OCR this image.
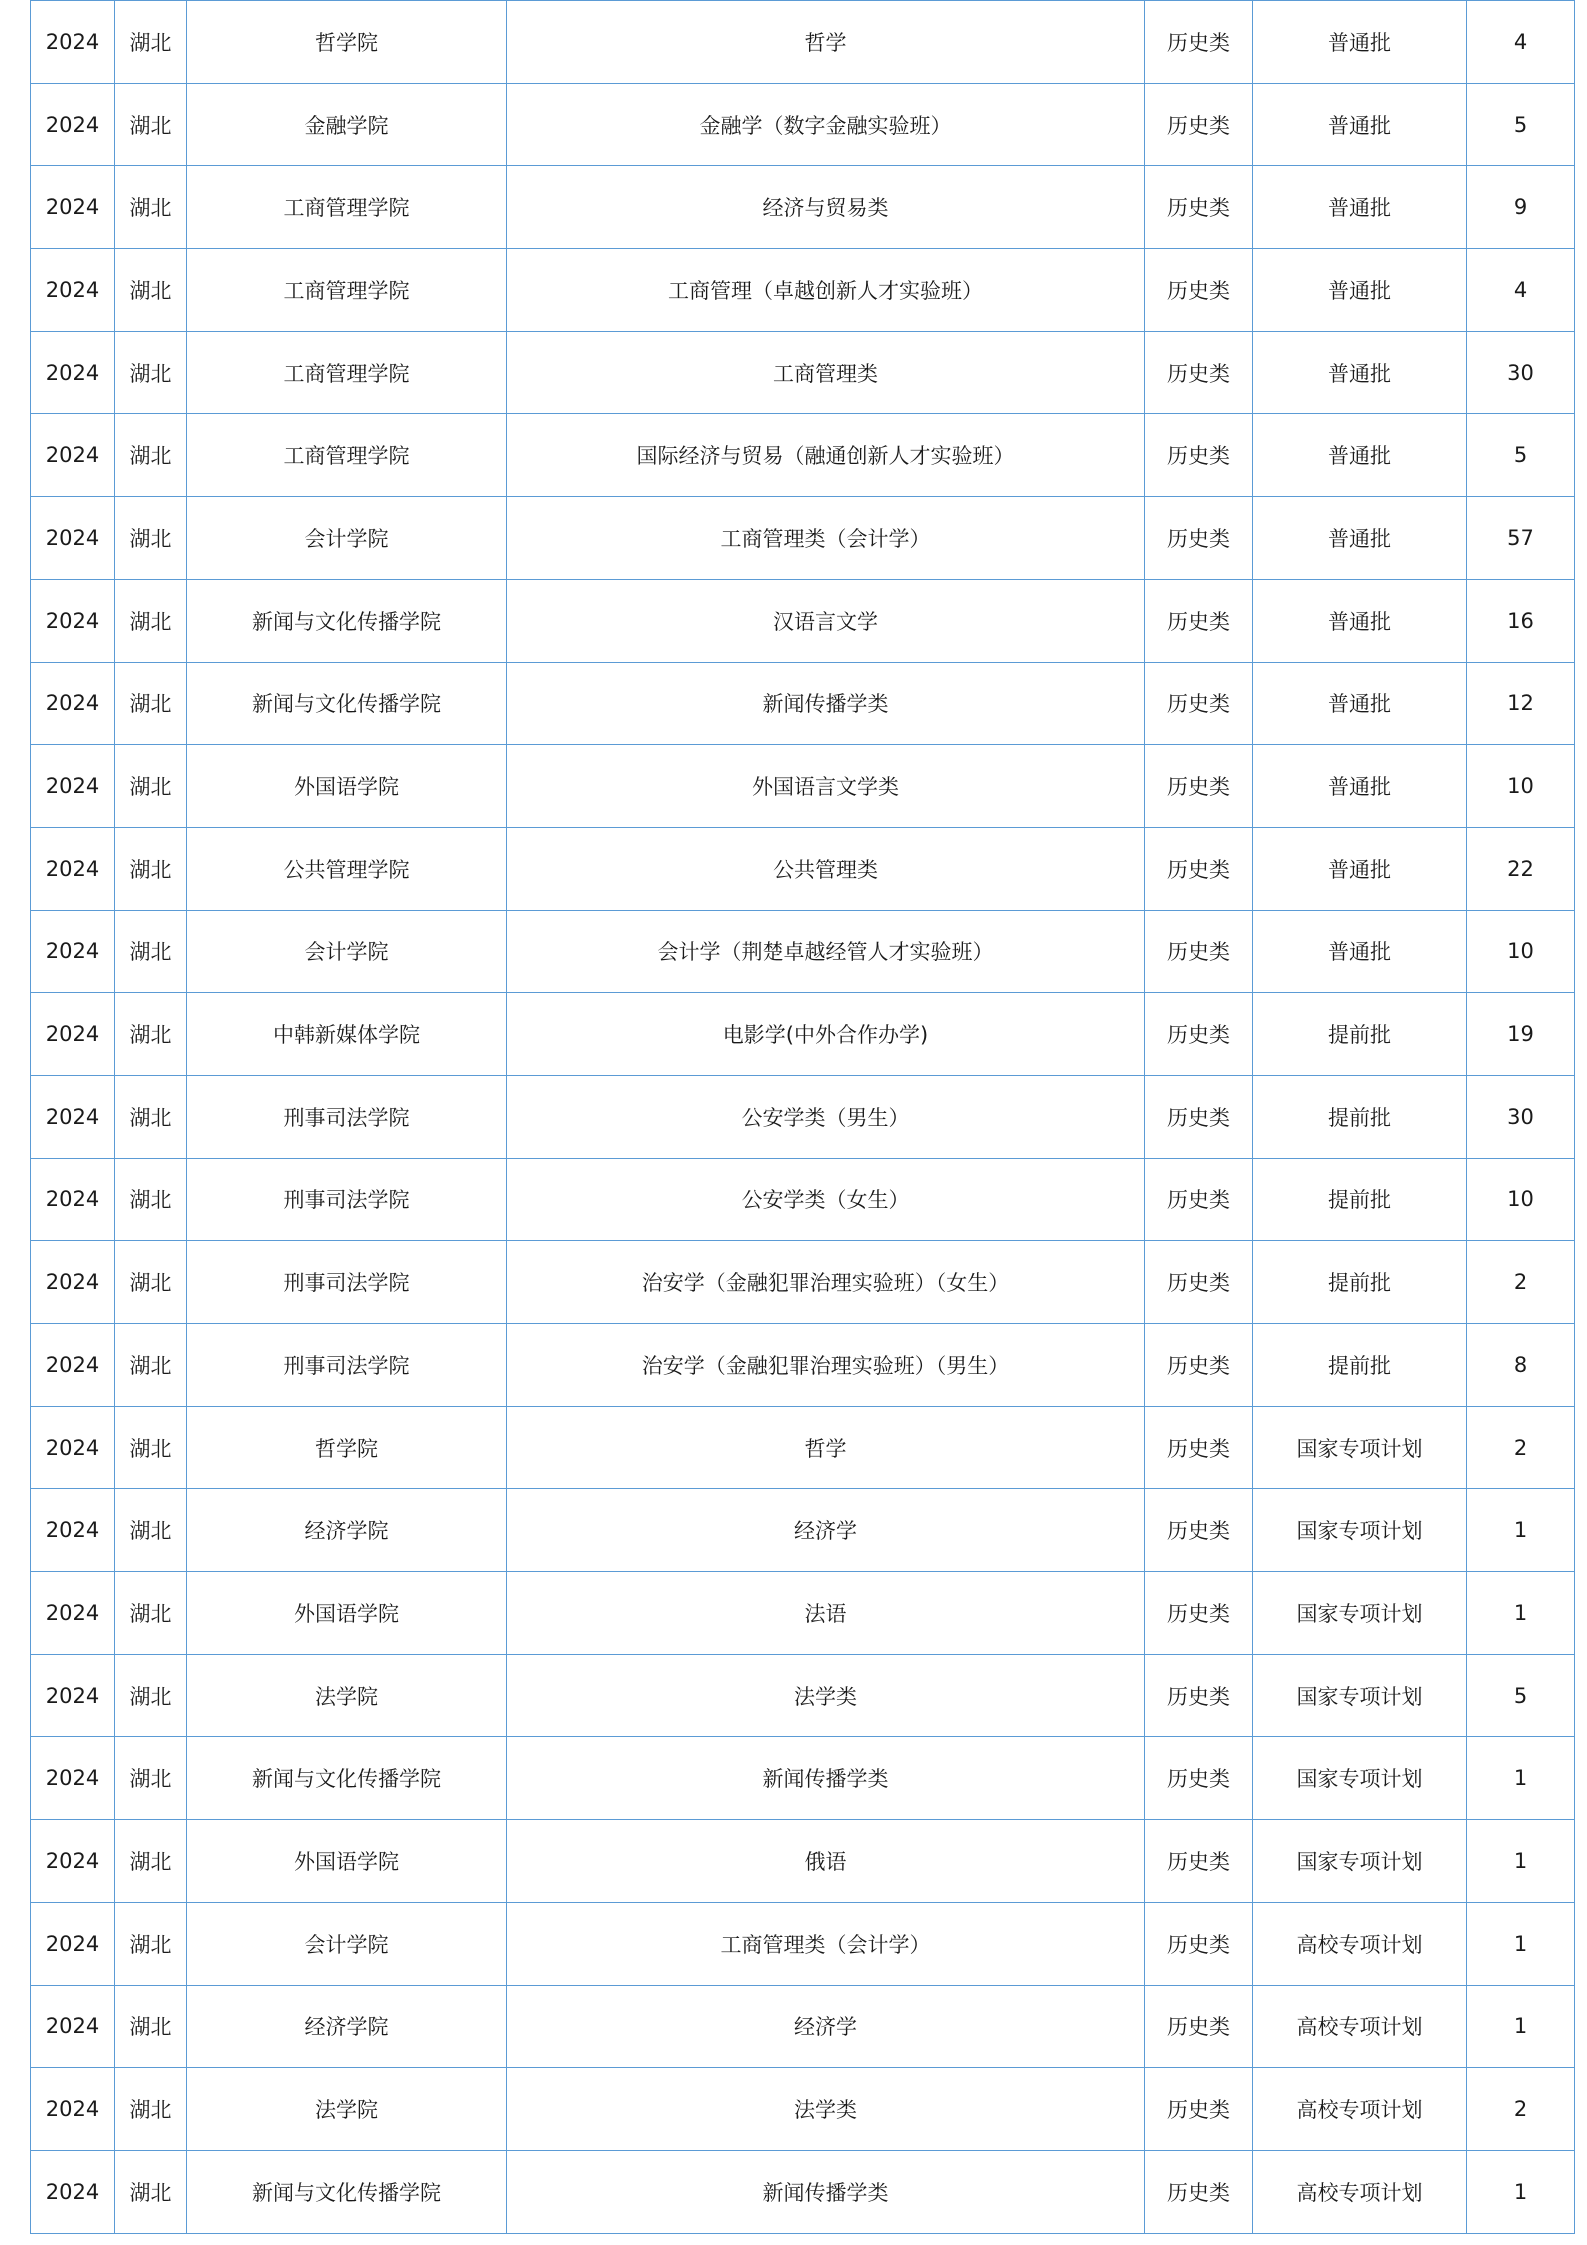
2024	湖北	哲学院	哲学	历史类	普通批	4
2024	湖北	金融学院	金融学（数字金融实验班）	历史类	普通批	5
2024	湖北	工商管理学院	经济与贸易类	历史类	普通批	9
2024	湖北	工商管理学院	工商管理（卓越创新人才实验班）	历史类	普通批	4
2024	湖北	工商管理学院	工商管理类	历史类	普通批	30
2024	湖北	工商管理学院	国际经济与贸易（融通创新人才实验班）	历史类	普通批	5
2024	湖北	会计学院	工商管理类（会计学）	历史类	普通批	57
2024	湖北	新闻与文化传播学院	汉语言文学	历史类	普通批	16
2024	湖北	新闻与文化传播学院	新闻传播学类	历史类	普通批	12
2024	湖北	外国语学院	外国语言文学类	历史类	普通批	10
2024	湖北	公共管理学院	公共管理类	历史类	普通批	22
2024	湖北	会计学院	会计学（荆楚卓越经管人才实验班）	历史类	普通批	10
2024	湖北	中韩新媒体学院	电影学(中外合作办学)	历史类	提前批	19
2024	湖北	刑事司法学院	公安学类（男生）	历史类	提前批	30
2024	湖北	刑事司法学院	公安学类（女生）	历史类	提前批	10
2024	湖北	刑事司法学院	治安学（金融犯罪治理实验班）（女生）	历史类	提前批	2
2024	湖北	刑事司法学院	治安学（金融犯罪治理实验班）（男生）	历史类	提前批	8
2024	湖北	哲学院	哲学	历史类	国家专项计划	2
2024	湖北	经济学院	经济学	历史类	国家专项计划	1
2024	湖北	外国语学院	法语	历史类	国家专项计划	1
2024	湖北	法学院	法学类	历史类	国家专项计划	5
2024	湖北	新闻与文化传播学院	新闻传播学类	历史类	国家专项计划	1
2024	湖北	外国语学院	俄语	历史类	国家专项计划	1
2024	湖北	会计学院	工商管理类（会计学）	历史类	高校专项计划	1
2024	湖北	经济学院	经济学	历史类	高校专项计划	1
2024	湖北	法学院	法学类	历史类	高校专项计划	2
2024	湖北	新闻与文化传播学院	新闻传播学类	历史类	高校专项计划	1
